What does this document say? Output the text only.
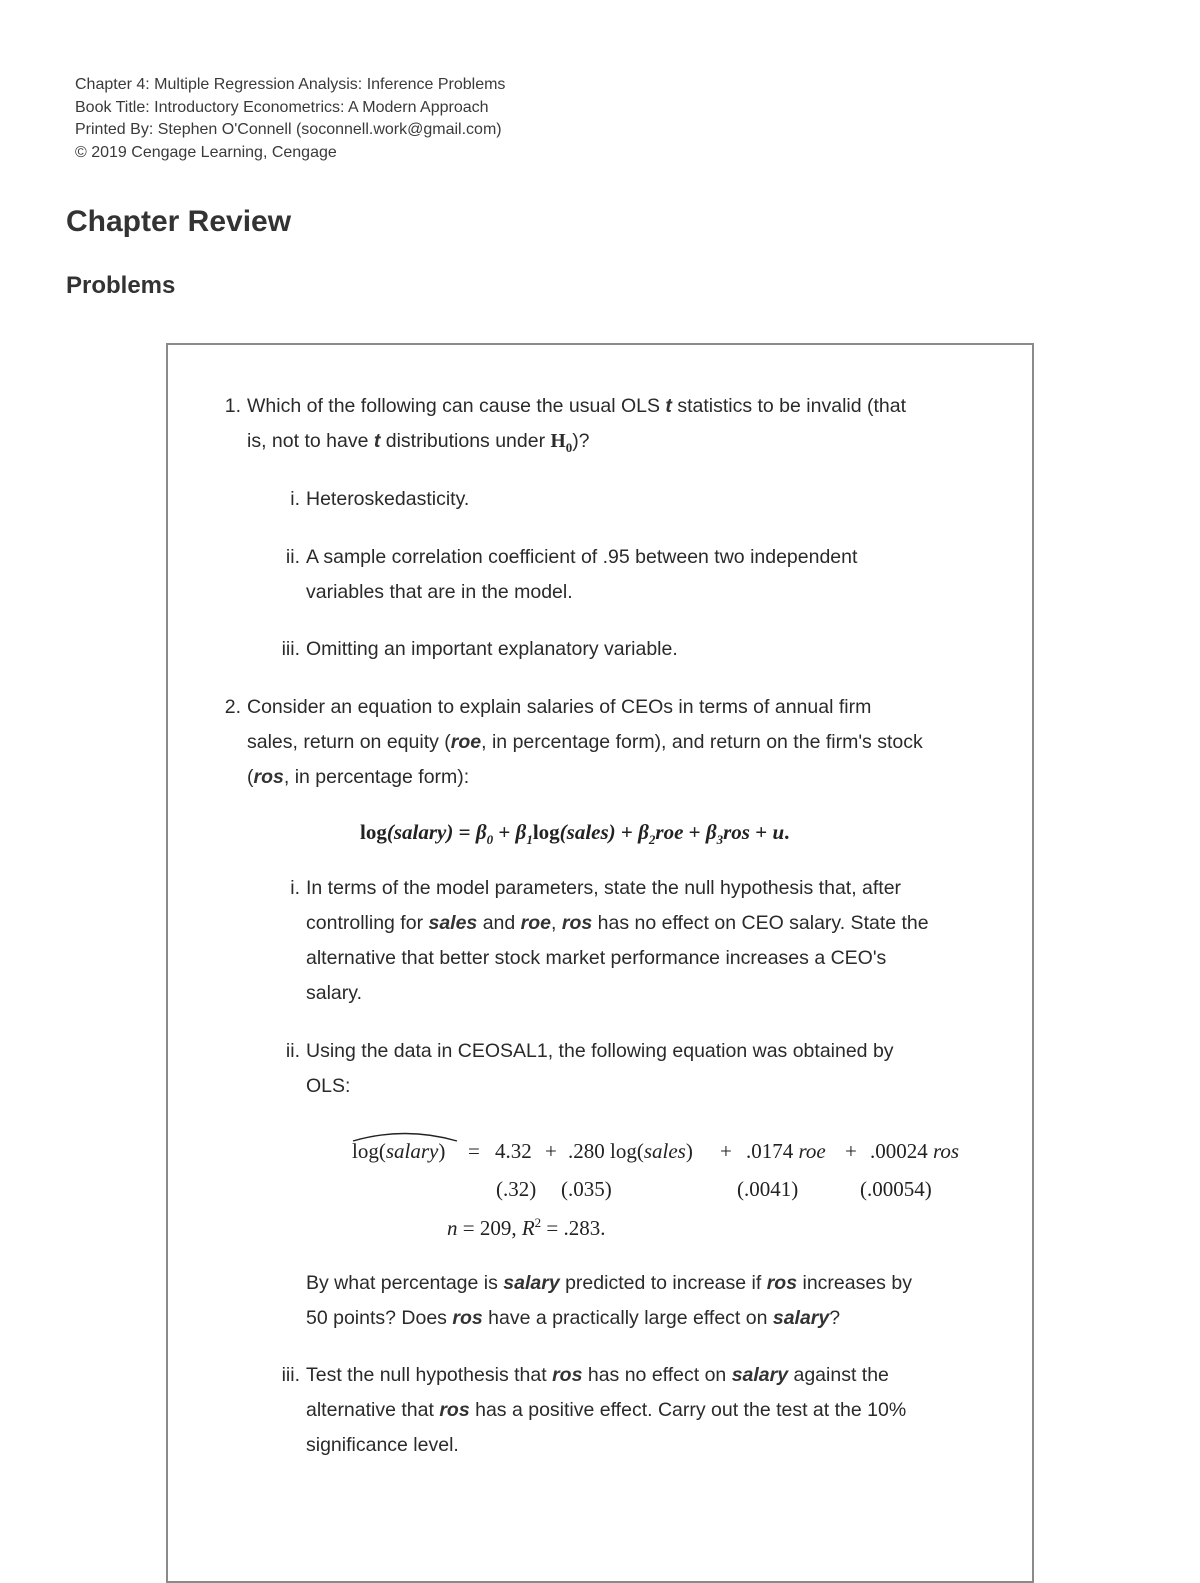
Chapter 4: Multiple Regression Analysis: Inference Problems
Book Title: Introductory Econometrics: A Modern Approach
Printed By: Stephen O'Connell (soconnell.work@gmail.com)
© 2019 Cengage Learning, Cengage
Chapter Review
Problems
1. Which of the following can cause the usual OLS t statistics to be invalid (that
is, not to have t distributions under $H_0$)?
i. Heteroskedasticity.
ii. A sample correlation coefficient of .95 between two independent
variables that are in the model.
iii. Omitting an important explanatory variable.
2. Consider an equation to explain salaries of CEOs in terms of annual firm
sales, return on equity (roe, in percentage form), and return on the firm's stock
(ros, in percentage form):
log(salary) = $\beta_0$ + $\beta_1\log(sales) + \beta_2roe + \beta_3ros + u$.
i. In terms of the model parameters, state the null hypothesis that, after
controlling for sales and roe, ros has no effect on CEO salary. State the
alternative that better stock market performance increases a CEO's
salary.
ii. Using the data in CEOSAL1, the following equation was obtained by
OLS:
log(salary) = 4.32 + .280 log(sales) + .0174 roe + .00024 ros
(.32) (.035)	(.0041)	(.00054)
n = 209, $R^2 = .283$.
By what percentage is salary predicted to increase if ros increases by
50 points? Does ros have a practically large effect on salary?
iii. Test the null hypothesis that ros has no effect on salary against the
alternative that ros has a positive effect. Carry out the test at the 10%
significance level.
